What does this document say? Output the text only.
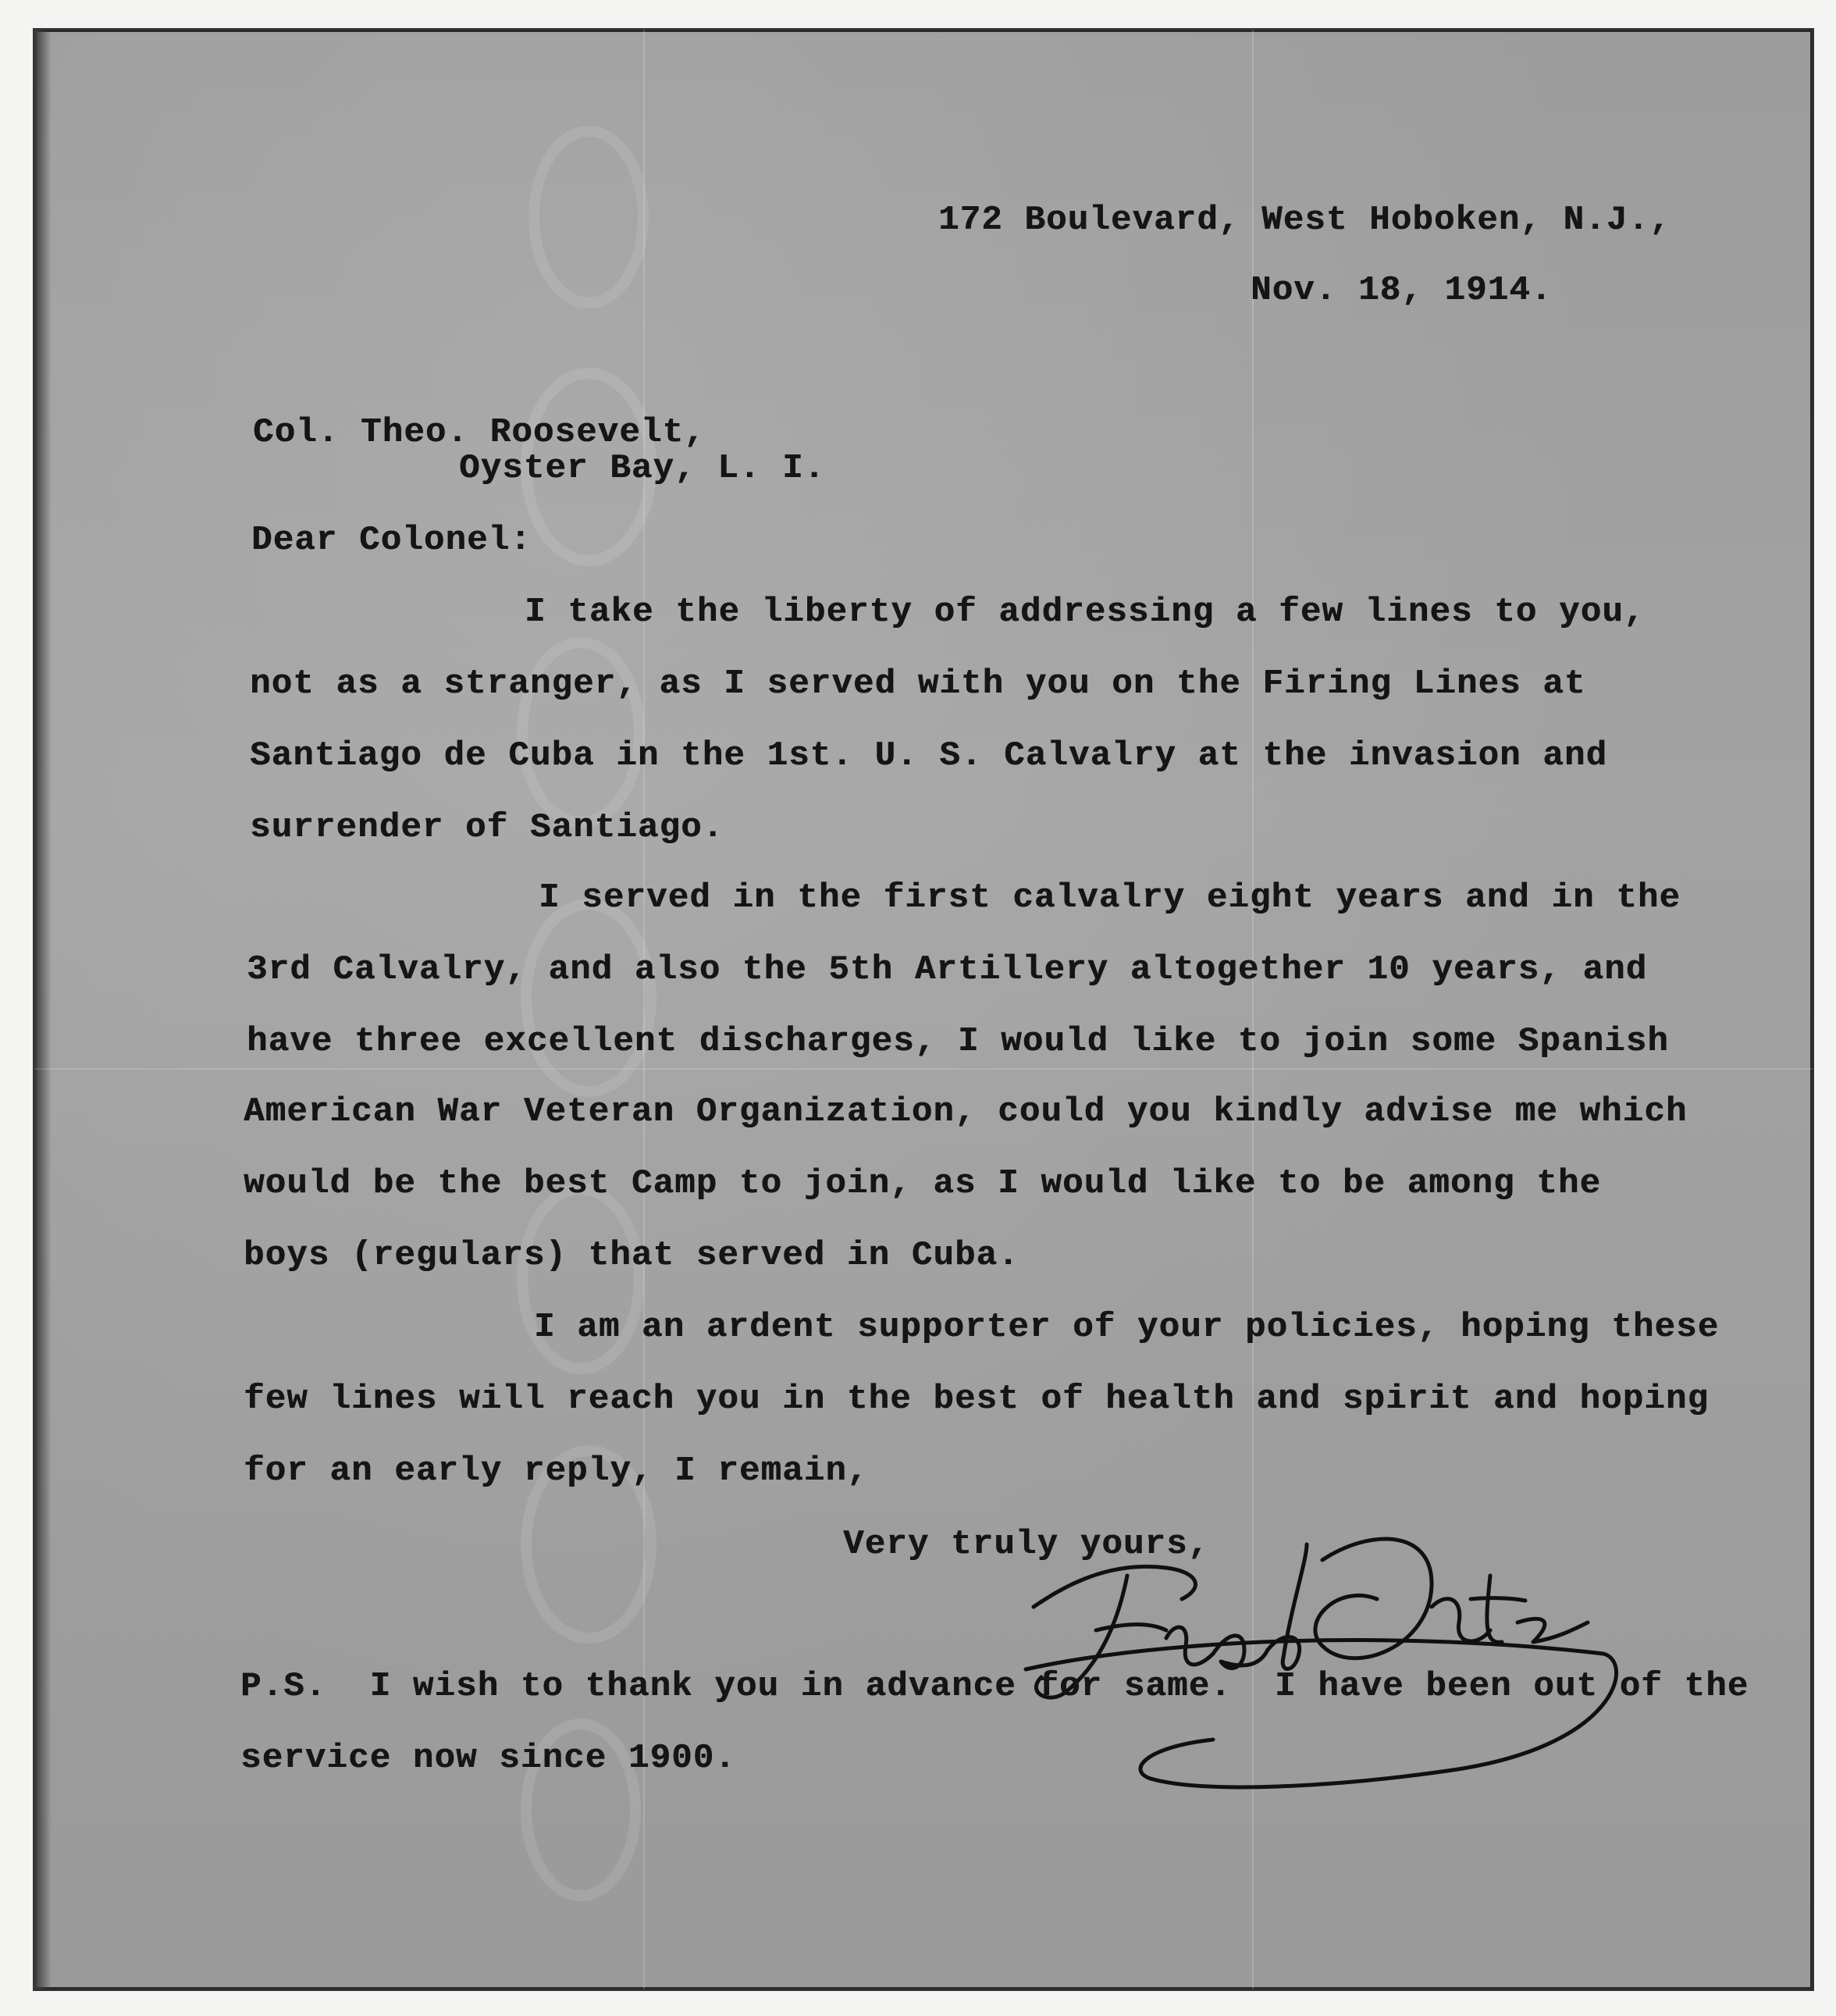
172 Boulevard, West Hoboken, N.J.,
Nov. 18, 1914.
Col. Theo. Roosevelt,
Oyster Bay, L. I.
Dear Colonel:
I take the liberty of addressing a few lines to you,
not as a stranger, as I served with you on the Firing Lines at
Santiago de Cuba in the 1st. U. S. Calvalry at the invasion and
surrender of Santiago.
I served in the first calvalry eight years and in the
3rd Calvalry, and also the 5th Artillery altogether 10 years, and
have three excellent discharges, I would like to join some Spanish
American War Veteran Organization, could you kindly advise me which
would be the best Camp to join, as I would like to be among the
boys (regulars) that served in Cuba.
I am an ardent supporter of your policies, hoping these
few lines will reach you in the best of health and spirit and hoping
for an early reply, I remain,
Very truly yours,
P.S.  I wish to thank you in advance for same.  I have been out of the
service now since 1900.
